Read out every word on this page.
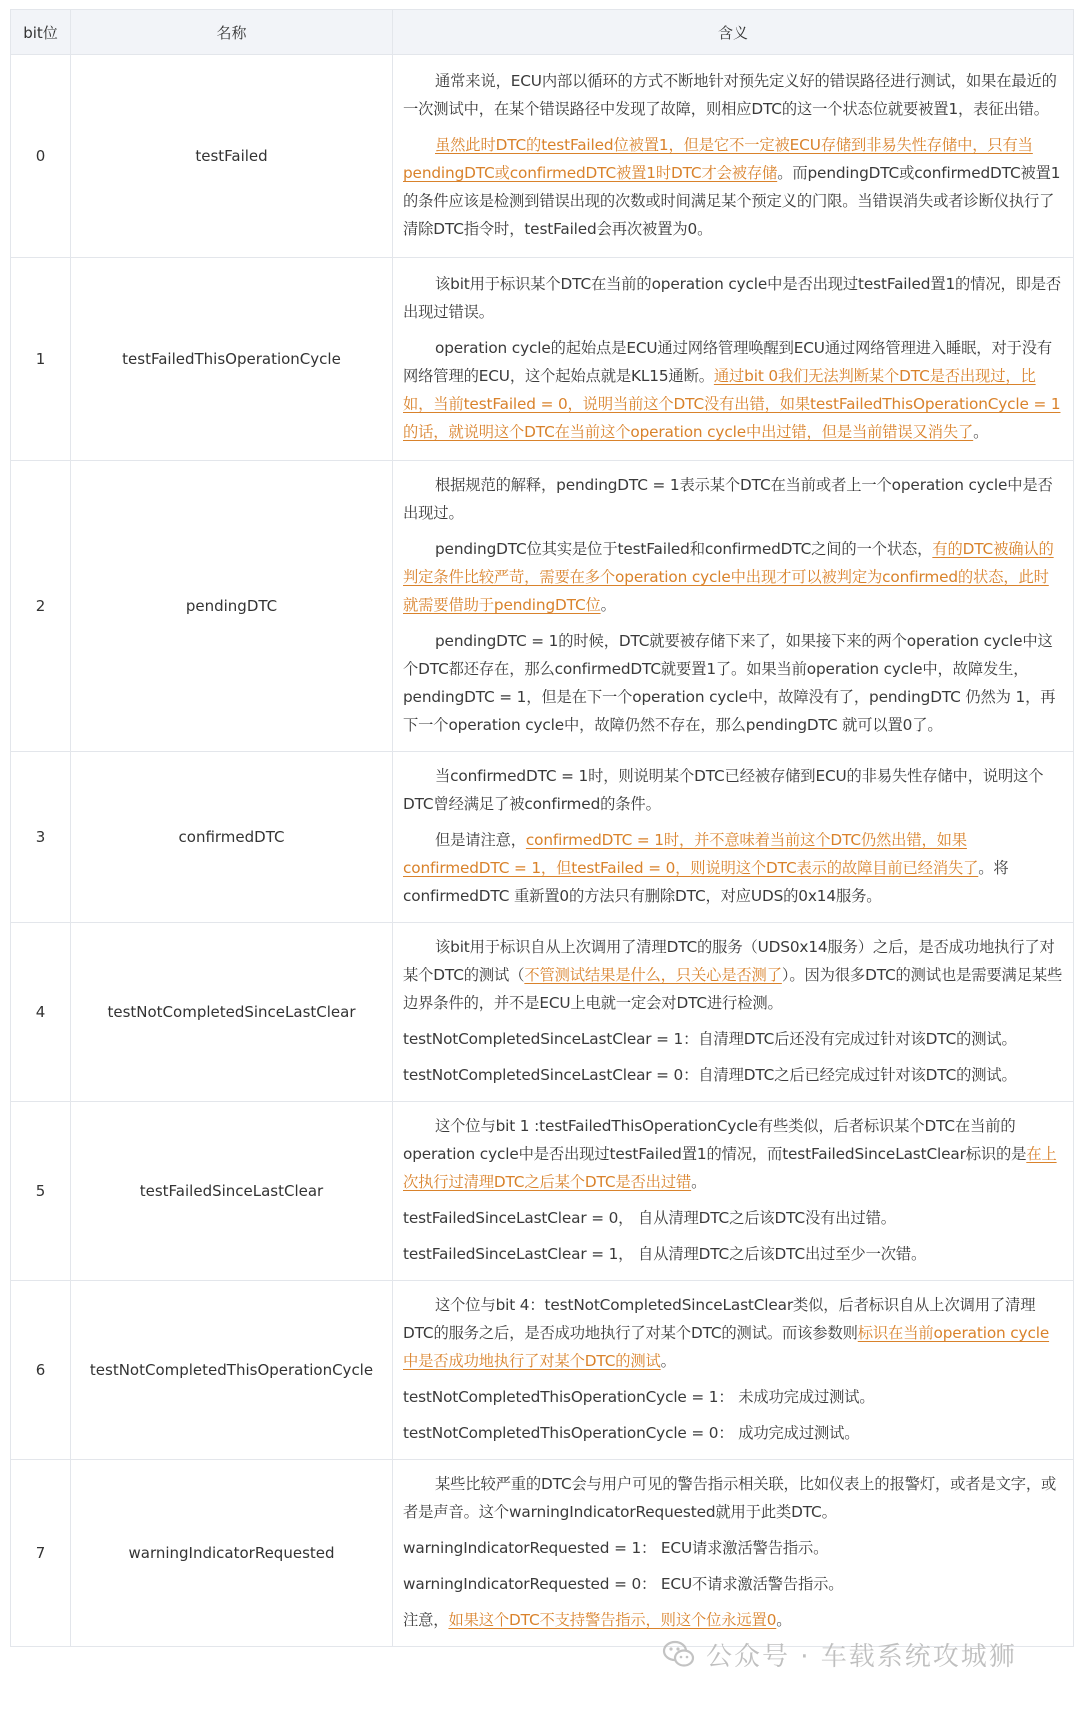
bit位	名称	含义
0	testFailed	通常来说，ECU内部以循环的方式不断地针对预先定义好的错误路径进行测试，如果在最近的一次测试中，在某个错误路径中发现了故障，则相应DTC的这一个状态位就要被置1，表征出错。

虽然此时DTC的testFailed位被置1，但是它不一定被ECU存储到非易失性存储中，只有当pendingDTC或confirmedDTC被置1时DTC才会被存储。而pendingDTC或confirmedDTC被置1的条件应该是检测到错误出现的次数或时间满足某个预定义的门限。当错误消失或者诊断仪执行了清除DTC指令时，testFailed会再次被置为0。

1	testFailedThisOperationCycle	该bit用于标识某个DTC在当前的operation cycle中是否出现过testFailed置1的情况，即是否出现过错误。

operation cycle的起始点是ECU通过网络管理唤醒到ECU通过网络管理进入睡眠，对于没有网络管理的ECU，这个起始点就是KL15通断。通过bit 0我们无法判断某个DTC是否出现过，比如，当前testFailed = 0，说明当前这个DTC没有出错，如果testFailedThisOperationCycle = 1的话，就说明这个DTC在当前这个operation cycle中出过错，但是当前错误又消失了。

2	pendingDTC	根据规范的解释，pendingDTC = 1表示某个DTC在当前或者上一个operation cycle中是否出现过。

pendingDTC位其实是位于testFailed和confirmedDTC之间的一个状态，有的DTC被确认的判定条件比较严苛，需要在多个operation cycle中出现才可以被判定为confirmed的状态，此时就需要借助于pendingDTC位。

pendingDTC = 1的时候，DTC就要被存储下来了，如果接下来的两个operation cycle中这个DTC都还存在，那么confirmedDTC就要置1了。如果当前operation cycle中，故障发生，pendingDTC = 1，但是在下一个operation cycle中，故障没有了，pendingDTC 仍然为 1，再下一个operation cycle中，故障仍然不存在，那么pendingDTC 就可以置0了。

3	confirmedDTC	当confirmedDTC = 1时，则说明某个DTC已经被存储到ECU的非易失性存储中，说明这个DTC曾经满足了被confirmed的条件。

但是请注意，confirmedDTC = 1时，并不意味着当前这个DTC仍然出错，如果confirmedDTC = 1，但testFailed = 0，则说明这个DTC表示的故障目前已经消失了。将confirmedDTC 重新置0的方法只有删除DTC，对应UDS的0x14服务。

4	testNotCompletedSinceLastClear	该bit用于标识自从上次调用了清理DTC的服务（UDS0x14服务）之后，是否成功地执行了对某个DTC的测试（不管测试结果是什么，只关心是否测了）。因为很多DTC的测试也是需要满足某些边界条件的，并不是ECU上电就一定会对DTC进行检测。

testNotCompletedSinceLastClear = 1：自清理DTC后还没有完成过针对该DTC的测试。

testNotCompletedSinceLastClear = 0：自清理DTC之后已经完成过针对该DTC的测试。

5	testFailedSinceLastClear	这个位与bit 1 :testFailedThisOperationCycle有些类似，后者标识某个DTC在当前的operation cycle中是否出现过testFailed置1的情况，而testFailedSinceLastClear标识的是在上次执行过清理DTC之后某个DTC是否出过错。

testFailedSinceLastClear = 0， 自从清理DTC之后该DTC没有出过错。

testFailedSinceLastClear = 1， 自从清理DTC之后该DTC出过至少一次错。

6	testNotCompletedThisOperationCycle	这个位与bit 4：testNotCompletedSinceLastClear类似，后者标识自从上次调用了清理DTC的服务之后，是否成功地执行了对某个DTC的测试。而该参数则标识在当前operation cycle中是否成功地执行了对某个DTC的测试。

testNotCompletedThisOperationCycle = 1： 未成功完成过测试。

testNotCompletedThisOperationCycle = 0： 成功完成过测试。

7	warningIndicatorRequested	某些比较严重的DTC会与用户可见的警告指示相关联，比如仪表上的报警灯，或者是文字，或者是声音。这个warningIndicatorRequested就用于此类DTC。

warningIndicatorRequested = 1： ECU请求激活警告指示。

warningIndicatorRequested = 0： ECU不请求激活警告指示。

注意，如果这个DTC不支持警告指示，则这个位永远置0。

公众号 · 车载系统攻城狮
